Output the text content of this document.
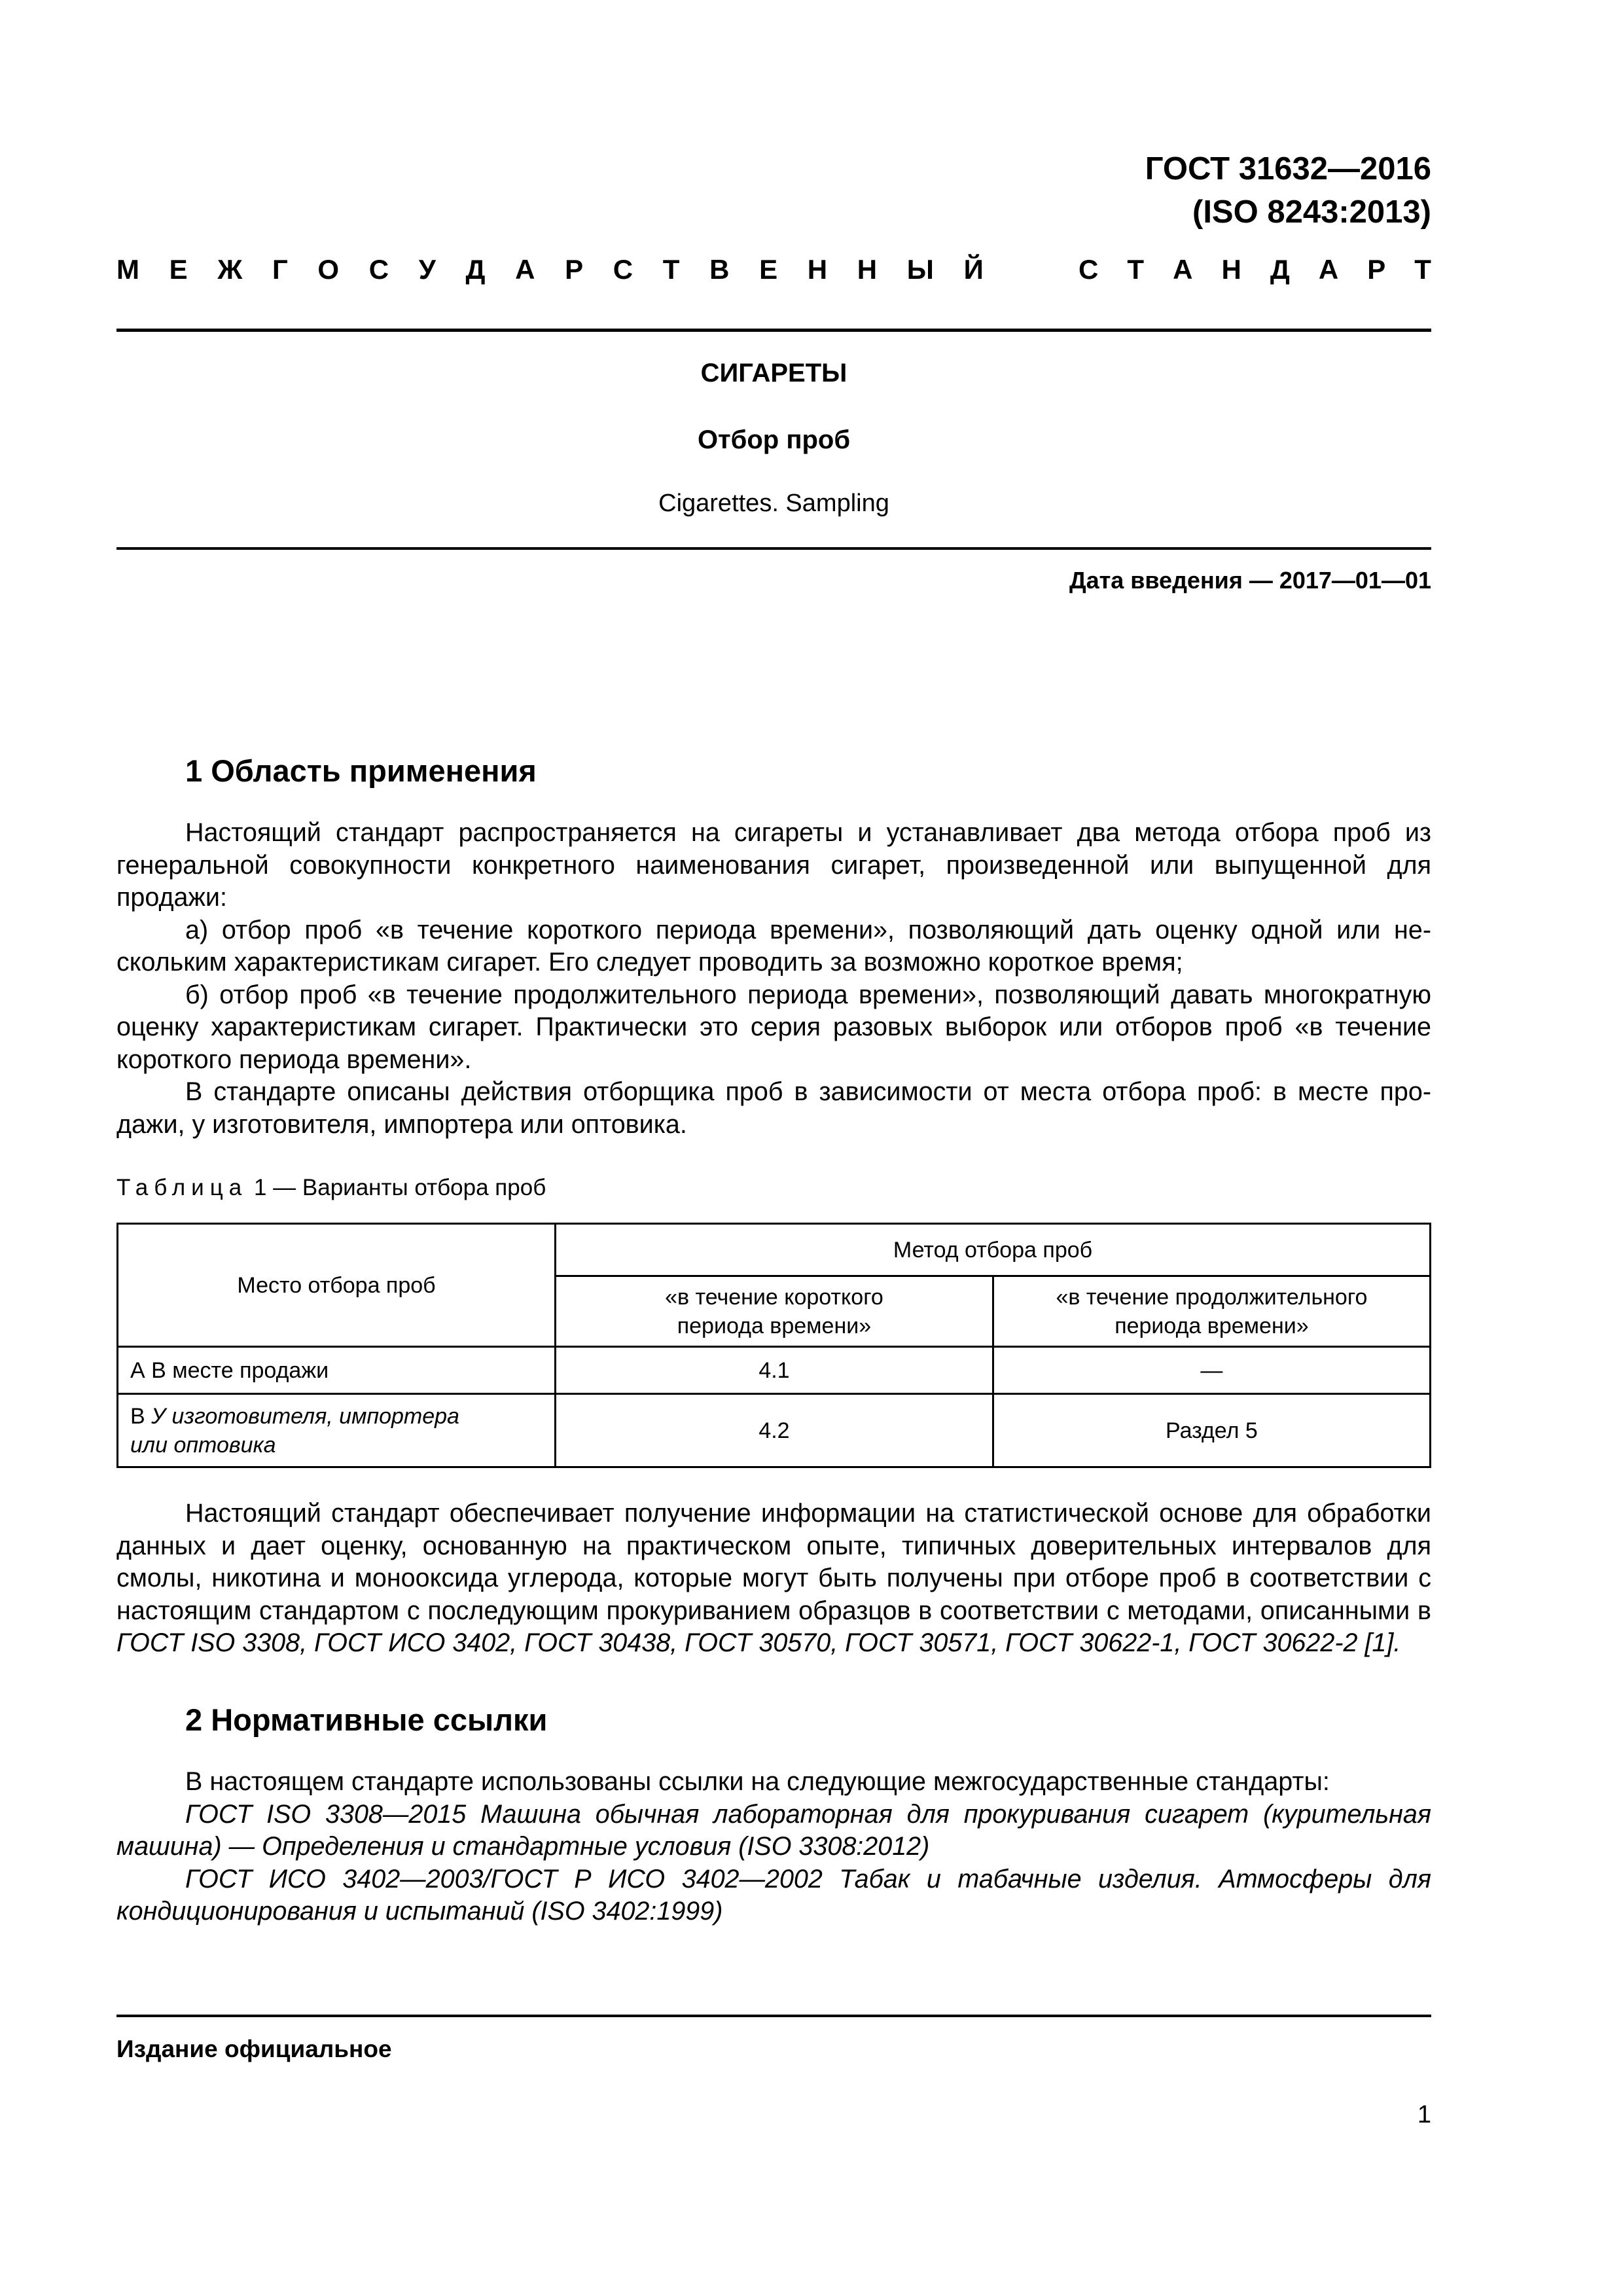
ГОСТ 31632—2016
(ISO 8243:2013)
М Е Ж Г О С У Д А Р С Т В Е Н Н Ы Й	С Т А Н Д А Р Т
СИГАРЕТЫ
Отбор проб
Cigarettes. Sampling
Дата введения — 2017—01—01
1 Область применения

Настоящий стандарт распространяется на сигареты и устанавливает два метода отбора проб из генеральной совокупности конкретного наименования сигарет, произведенной или выпущенной для продажи:

а) отбор проб «в течение короткого периода времени», позволяющий дать оценку одной или нескольким характеристикам сигарет. Его следует проводить за возможно короткое время;

б) отбор проб «в течение продолжительного периода времени», позволяющий давать многократную оценку характеристикам сигарет. Практически это серия разовых выборок или отборов проб «в течение короткого периода времени».

В стандарте описаны действия отборщика проб в зависимости от места отбора проб: в месте продажи, у изготовителя, импортера или оптовика.

Таблица 1 — Варианты отбора проб
Место отбора проб	Метод отбора проб	
	«в течение короткого периода времени»	«в течение продолжительного периода времени»
А В месте продажи	4.1	—
В У изготовителя, импортера или оптовика	4.2	Раздел 5

Настоящий стандарт обеспечивает получение информации на статистической основе для обработки данных и дает оценку, основанную на практическом опыте, типичных доверительных интервалов для смолы, никотина и монооксида углерода, которые могут быть получены при отборе проб в соответствии с настоящим стандартом с последующим прокуриванием образцов в соответствии с методами, описанными в ГОСТ ISO 3308, ГОСТ ИСО 3402, ГОСТ 30438, ГОСТ 30570, ГОСТ 30571, ГОСТ 30622-1, ГОСТ 30622-2 [1].

2 Нормативные ссылки

В настоящем стандарте использованы ссылки на следующие межгосударственные стандарты:

ГОСТ ISO 3308—2015 Машина обычная лабораторная для прокуривания сигарет (курительная машина) — Определения и стандартные условия (ISO 3308:2012)

ГОСТ ИСО 3402—2003/ГОСТ Р ИСО 3402—2002 Табак и табачные изделия. Атмосферы для кондиционирования и испытаний (ISO 3402:1999)

Издание официальное
1
